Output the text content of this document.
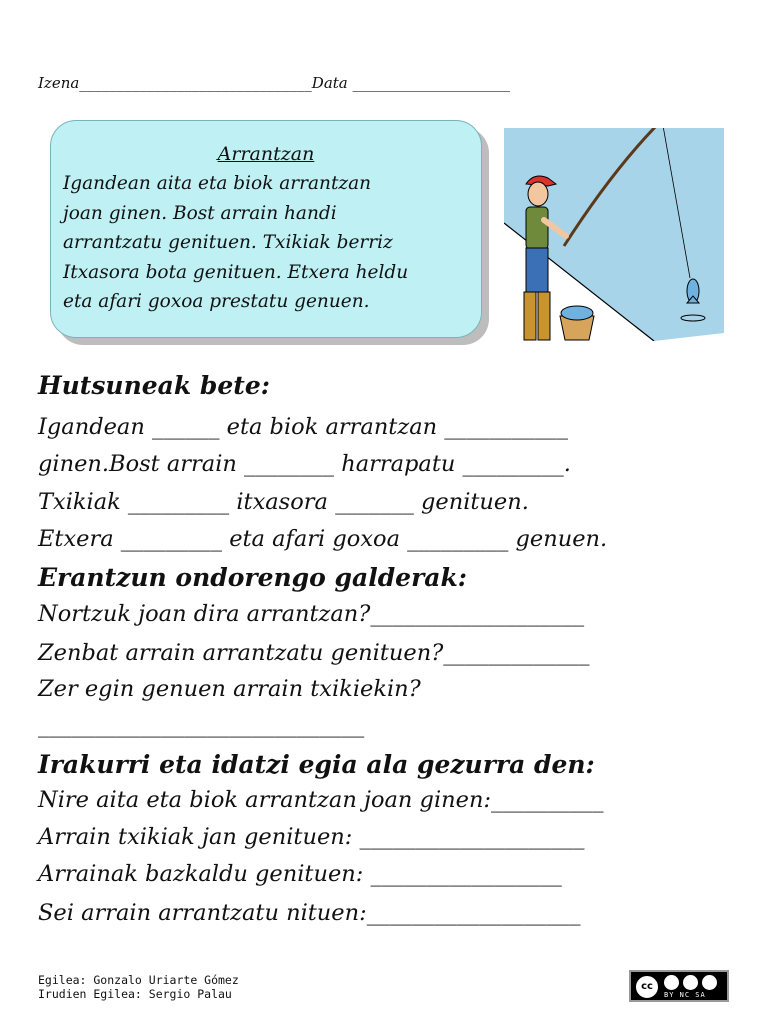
Izena_______________________________Data _____________________
Arrantzan
Igandean aita eta biok arrantzan
joan ginen. Bost arrain handi
arrantzatu genituen. Txikiak berriz
Itxasora bota genituen. Etxera heldu
eta afari goxoa prestatu genuen.
Hutsuneak bete:
Igandean ______ eta biok arrantzan ___________
ginen.Bost arrain ________ harrapatu _________.
Txikiak _________ itxasora _______ genituen.
Etxera _________ eta afari goxoa _________ genuen.
Erantzun ondorengo galderak:
Nortzuk joan dira arrantzan?___________________
Zenbat arrain arrantzatu genituen?_____________
Zer egin genuen arrain txikiekin?
_____________________________
Irakurri eta idatzi egia ala gezurra den:
Nire aita eta biok arrantzan joan ginen:__________
Arrain txikiak jan genituen: ____________________
Arrainak bazkaldu genituen: _________________
Sei arrain arrantzatu nituen:___________________
Egilea: Gonzalo Uriarte Gómez
Irudien Egilea: Sergio Palau
cc
BY NC SA
